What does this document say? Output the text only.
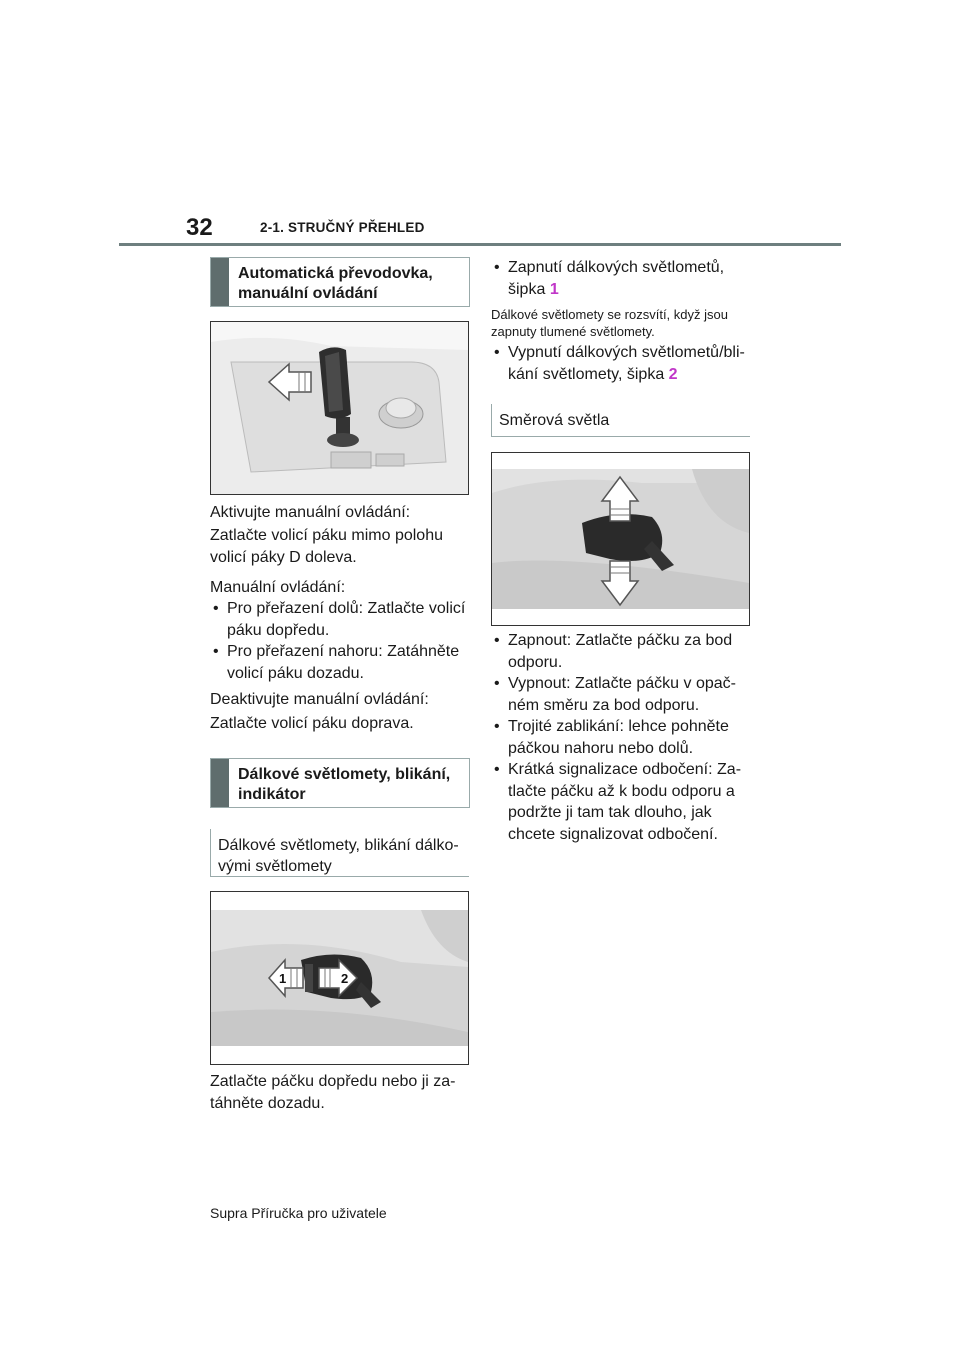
32	2-1. STRUČNÝ PŘEHLED
Automatická převodovka, manuální ovládání
Aktivujte manuální ovládání:
Zatlačte volicí páku mimo polohu volicí páky D doleva.
Manuální ovládání:
• Pro přeřazení dolů: Zatlačte volicí páku dopředu.
• Pro přeřazení nahoru: Zatáhněte volicí páku dozadu.
Deaktivujte manuální ovládání:
Zatlačte volicí páku doprava.
Dálkové světlomety, blikání, indikátor
Dálkové světlomety, blikání dálko-vými světlomety
1	2
Zatlačte páčku dopředu nebo ji za-táhněte dozadu.
• Zapnutí dálkových světlometů, šipka 1
Dálkové světlomety se rozsvítí, když jsou zapnuty tlumené světlomety.
• Vypnutí dálkových světlometů/bli-kání světlomety, šipka 2
Směrová světla
• Zapnout: Zatlačte páčku za bod odporu.
• Vypnout: Zatlačte páčku v opač-ném směru za bod odporu.
• Trojité zablikání: lehce pohněte páčkou nahoru nebo dolů.
• Krátká signalizace odbočení: Za-tlačte páčku až k bodu odporu a podržte ji tam tak dlouho, jak chcete signalizovat odbočení.
Supra Příručka pro uživatele
